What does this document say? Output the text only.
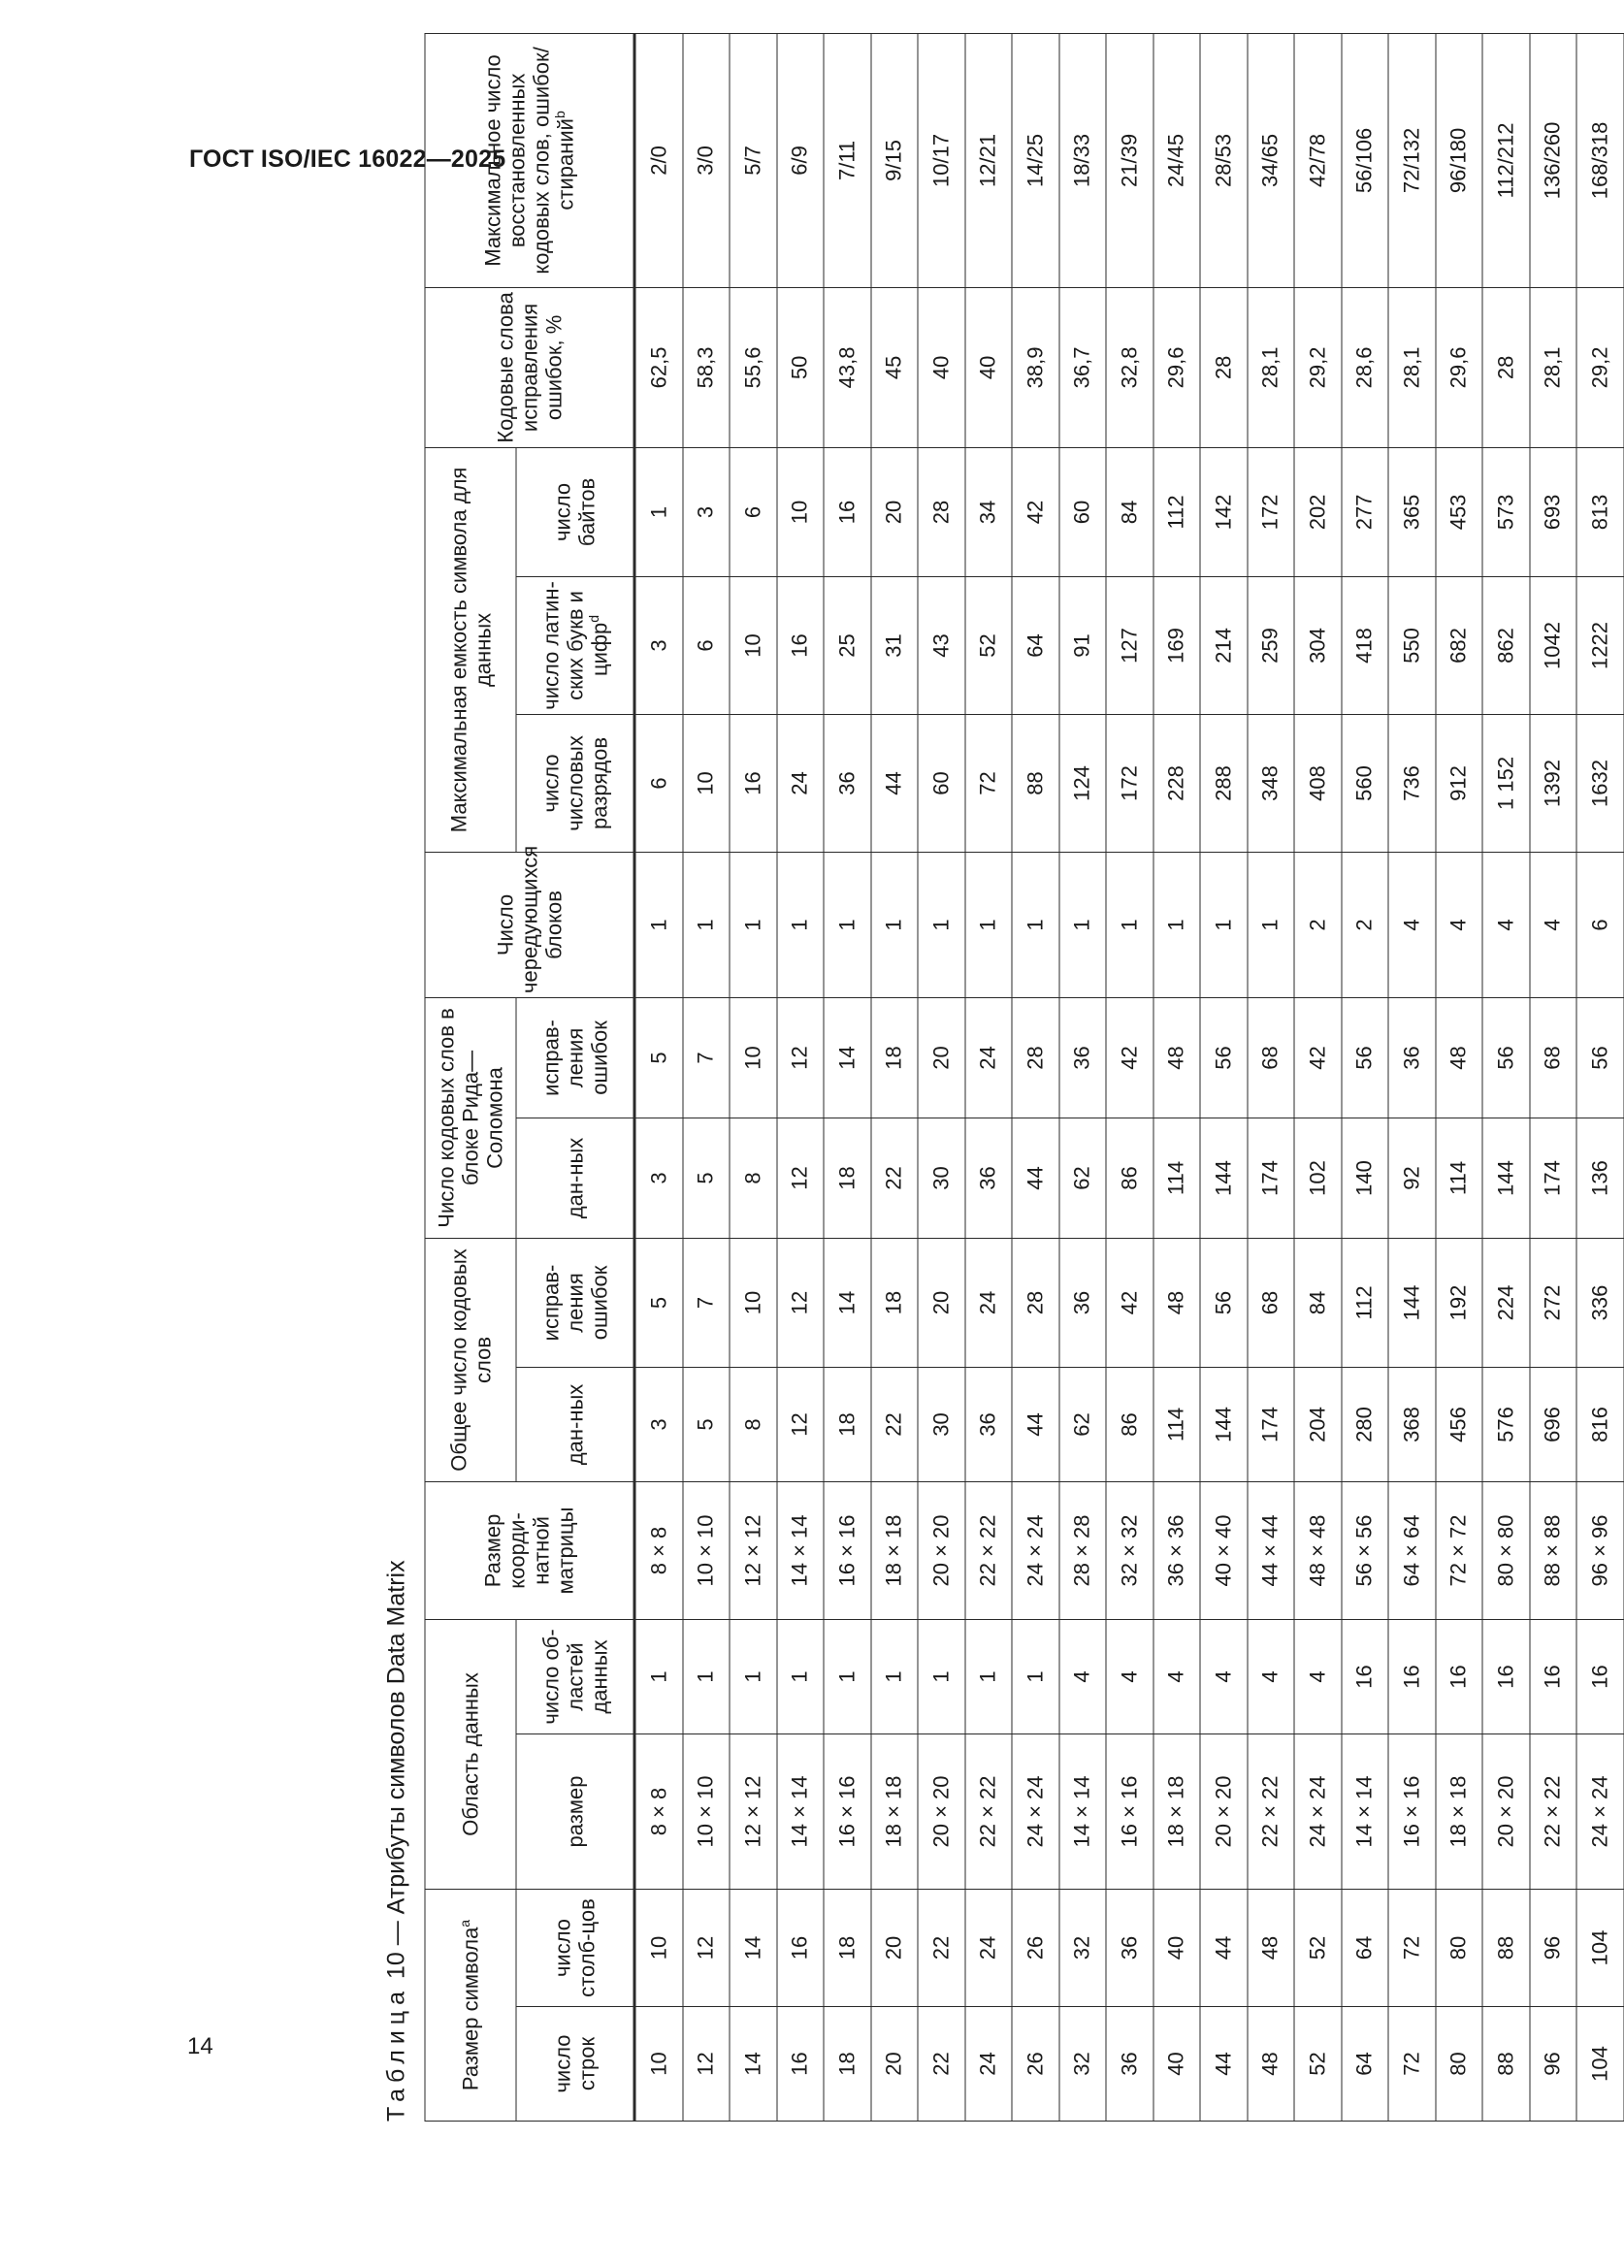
ГОСТ ISO/IEC 16022—2025
14	Таблица 10 — Атрибуты символов Data Matrix
Размер символа$^a$		Область данных		Размер коорди-натной матрицы	Общее число кодовых слов		Число кодовых слов в блоке Рида—Соломона		Число чередующихся блоков	Максимальная емкость символа для данных			Кодовые слова исправления ошибок, %	Максимальное число восстановленных кодовых слов, ошибок/стираний$^b$
число строк	число столб-цов	размер	число об-ластей данных		дан-ных	исправ-ления ошибок	дан-ных	исправ-ления ошибок		число числовых разрядов	число латин-ских букв и цифр$^d$	число байтов		
10	10	8 × 8	1	8 × 8	3	5	3	5	1	6	3	1	62,5	2/0
12	12	10 × 10	1	10 × 10	5	7	5	7	1	10	6	3	58,3	3/0
14	14	12 × 12	1	12 × 12	8	10	8	10	1	16	10	6	55,6	5/7
16	16	14 × 14	1	14 × 14	12	12	12	12	1	24	16	10	50	6/9
18	18	16 × 16	1	16 × 16	18	14	18	14	1	36	25	16	43,8	7/11
20	20	18 × 18	1	18 × 18	22	18	22	18	1	44	31	20	45	9/15
22	22	20 × 20	1	20 × 20	30	20	30	20	1	60	43	28	40	10/17
24	24	22 × 22	1	22 × 22	36	24	36	24	1	72	52	34	40	12/21
26	26	24 × 24	1	24 × 24	44	28	44	28	1	88	64	42	38,9	14/25
32	32	14 × 14	4	28 × 28	62	36	62	36	1	124	91	60	36,7	18/33
36	36	16 × 16	4	32 × 32	86	42	86	42	1	172	127	84	32,8	21/39
40	40	18 × 18	4	36 × 36	114	48	114	48	1	228	169	112	29,6	24/45
44	44	20 × 20	4	40 × 40	144	56	144	56	1	288	214	142	28	28/53
48	48	22 × 22	4	44 × 44	174	68	174	68	1	348	259	172	28,1	34/65
52	52	24 × 24	4	48 × 48	204	84	102	42	2	408	304	202	29,2	42/78
64	64	14 × 14	16	56 × 56	280	112	140	56	2	560	418	277	28,6	56/106
72	72	16 × 16	16	64 × 64	368	144	92	36	4	736	550	365	28,1	72/132
80	80	18 × 18	16	72 × 72	456	192	114	48	4	912	682	453	29,6	96/180
88	88	20 × 20	16	80 × 80	576	224	144	56	4	1 152	862	573	28	112/212
96	96	22 × 22	16	88 × 88	696	272	174	68	4	1392	1042	693	28,1	136/260
104	104	24 × 24	16	96 × 96	816	336	136	56	6	1632	1222	813	29,2	168/318
